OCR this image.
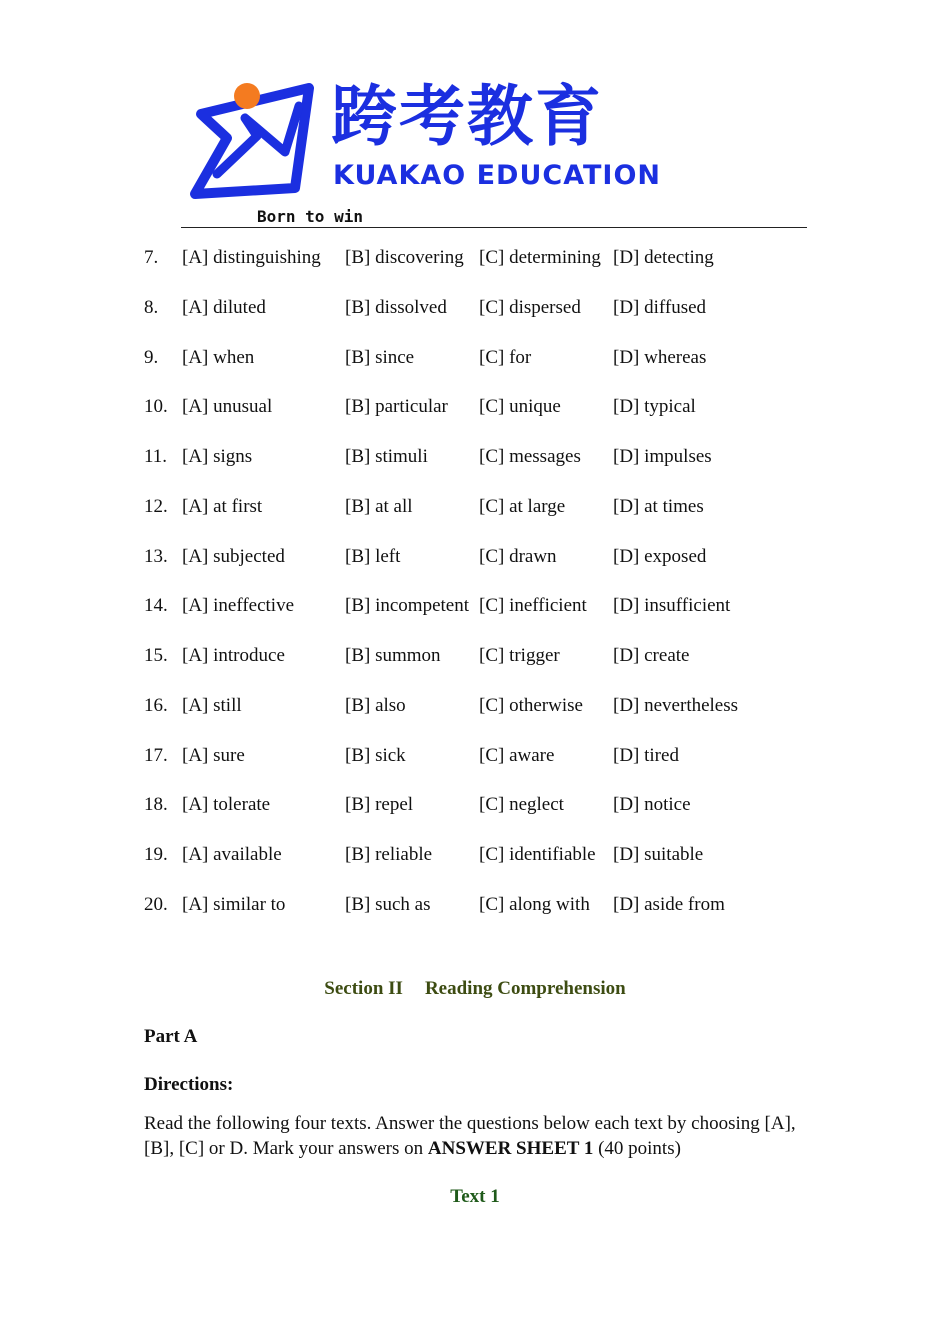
跨考教育
KUAKAO EDUCATION
Born to win
7. [A] distinguishing [B] discovering [C] determining [D] detecting
8. [A] diluted	[B] dissolved [C] dispersed [D] diffused
9. [A] when	[B] since	[C] for	[D] whereas
10. [A] unusual	[B] particular [C] unique	[D] typical
11. [A] signs	[B] stimuli	[C] messages [D] impulses
12. [A] at first	[B] at all	[C] at large	[D] at times
13. [A] subjected	[B] left	[C] drawn	[D] exposed
14. [A] ineffective	[B] incompetent [C] inefficient [D] insufficient
15. [A] introduce	[B] summon [C] trigger	[D] create
16. [A] still	[B] also	[C] otherwise [D] nevertheless
17. [A] sure	[B] sick	[C] aware	[D] tired
18. [A] tolerate	[B] repel	[C] neglect	[D] notice
19. [A] available	[B] reliable [C] identifiable [D] suitable
20. [A] similar to	[B] such as	[C] along with [D] aside from
Section II Reading Comprehension
Part A
Directions:
Read the following four texts. Answer the questions below each text by choosing [A], [B], [C] or D. Mark your answers on ANSWER SHEET 1 (40 points)
Text 1
